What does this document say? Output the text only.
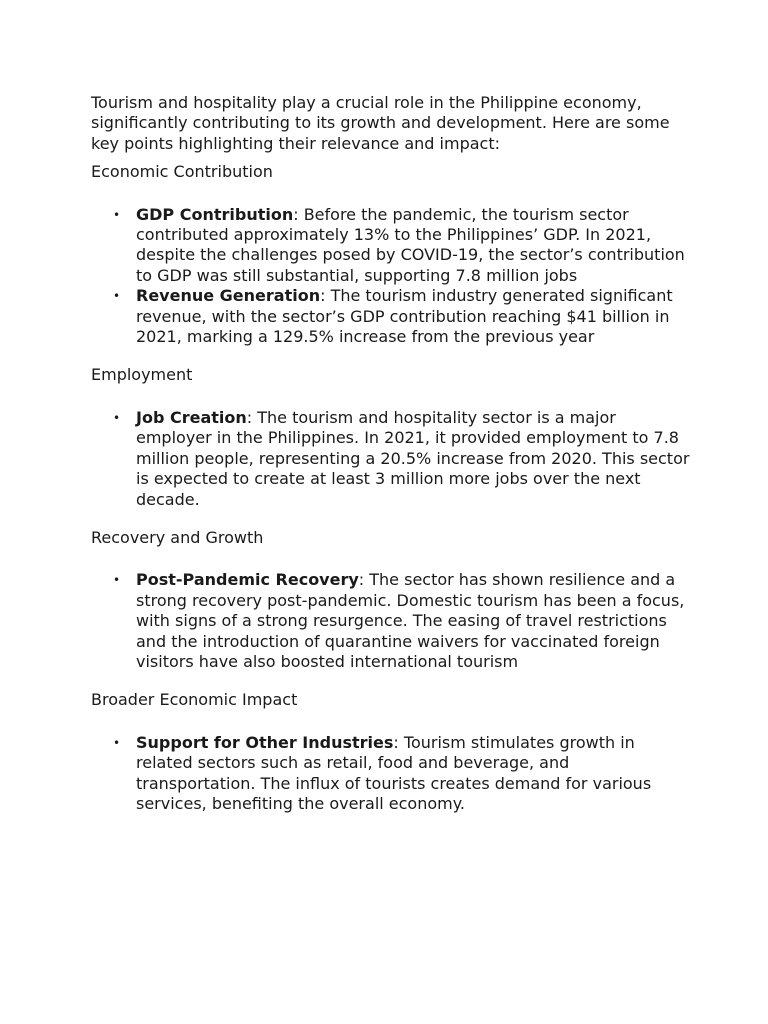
Tourism and hospitality play a crucial role in the Philippine economy, significantly contributing to its growth and development. Here are some key points highlighting their relevance and impact:

Economic Contribution
• GDP Contribution: Before the pandemic, the tourism sector contributed approximately 13% to the Philippines’ GDP. In 2021, despite the challenges posed by COVID-19, the sector’s contribution to GDP was still substantial, supporting 7.8 million jobs
• Revenue Generation: The tourism industry generated significant revenue, with the sector’s GDP contribution reaching $41 billion in 2021, marking a 129.5% increase from the previous year
Employment
• Job Creation: The tourism and hospitality sector is a major employer in the Philippines. In 2021, it provided employment to 7.8 million people, representing a 20.5% increase from 2020. This sector is expected to create at least 3 million more jobs over the next decade.
Recovery and Growth
• Post-Pandemic Recovery: The sector has shown resilience and a strong recovery post-pandemic. Domestic tourism has been a focus, with signs of a strong resurgence. The easing of travel restrictions and the introduction of quarantine waivers for vaccinated foreign visitors have also boosted international tourism
Broader Economic Impact
• Support for Other Industries: Tourism stimulates growth in related sectors such as retail, food and beverage, and transportation. The influx of tourists creates demand for various services, benefiting the overall economy.
